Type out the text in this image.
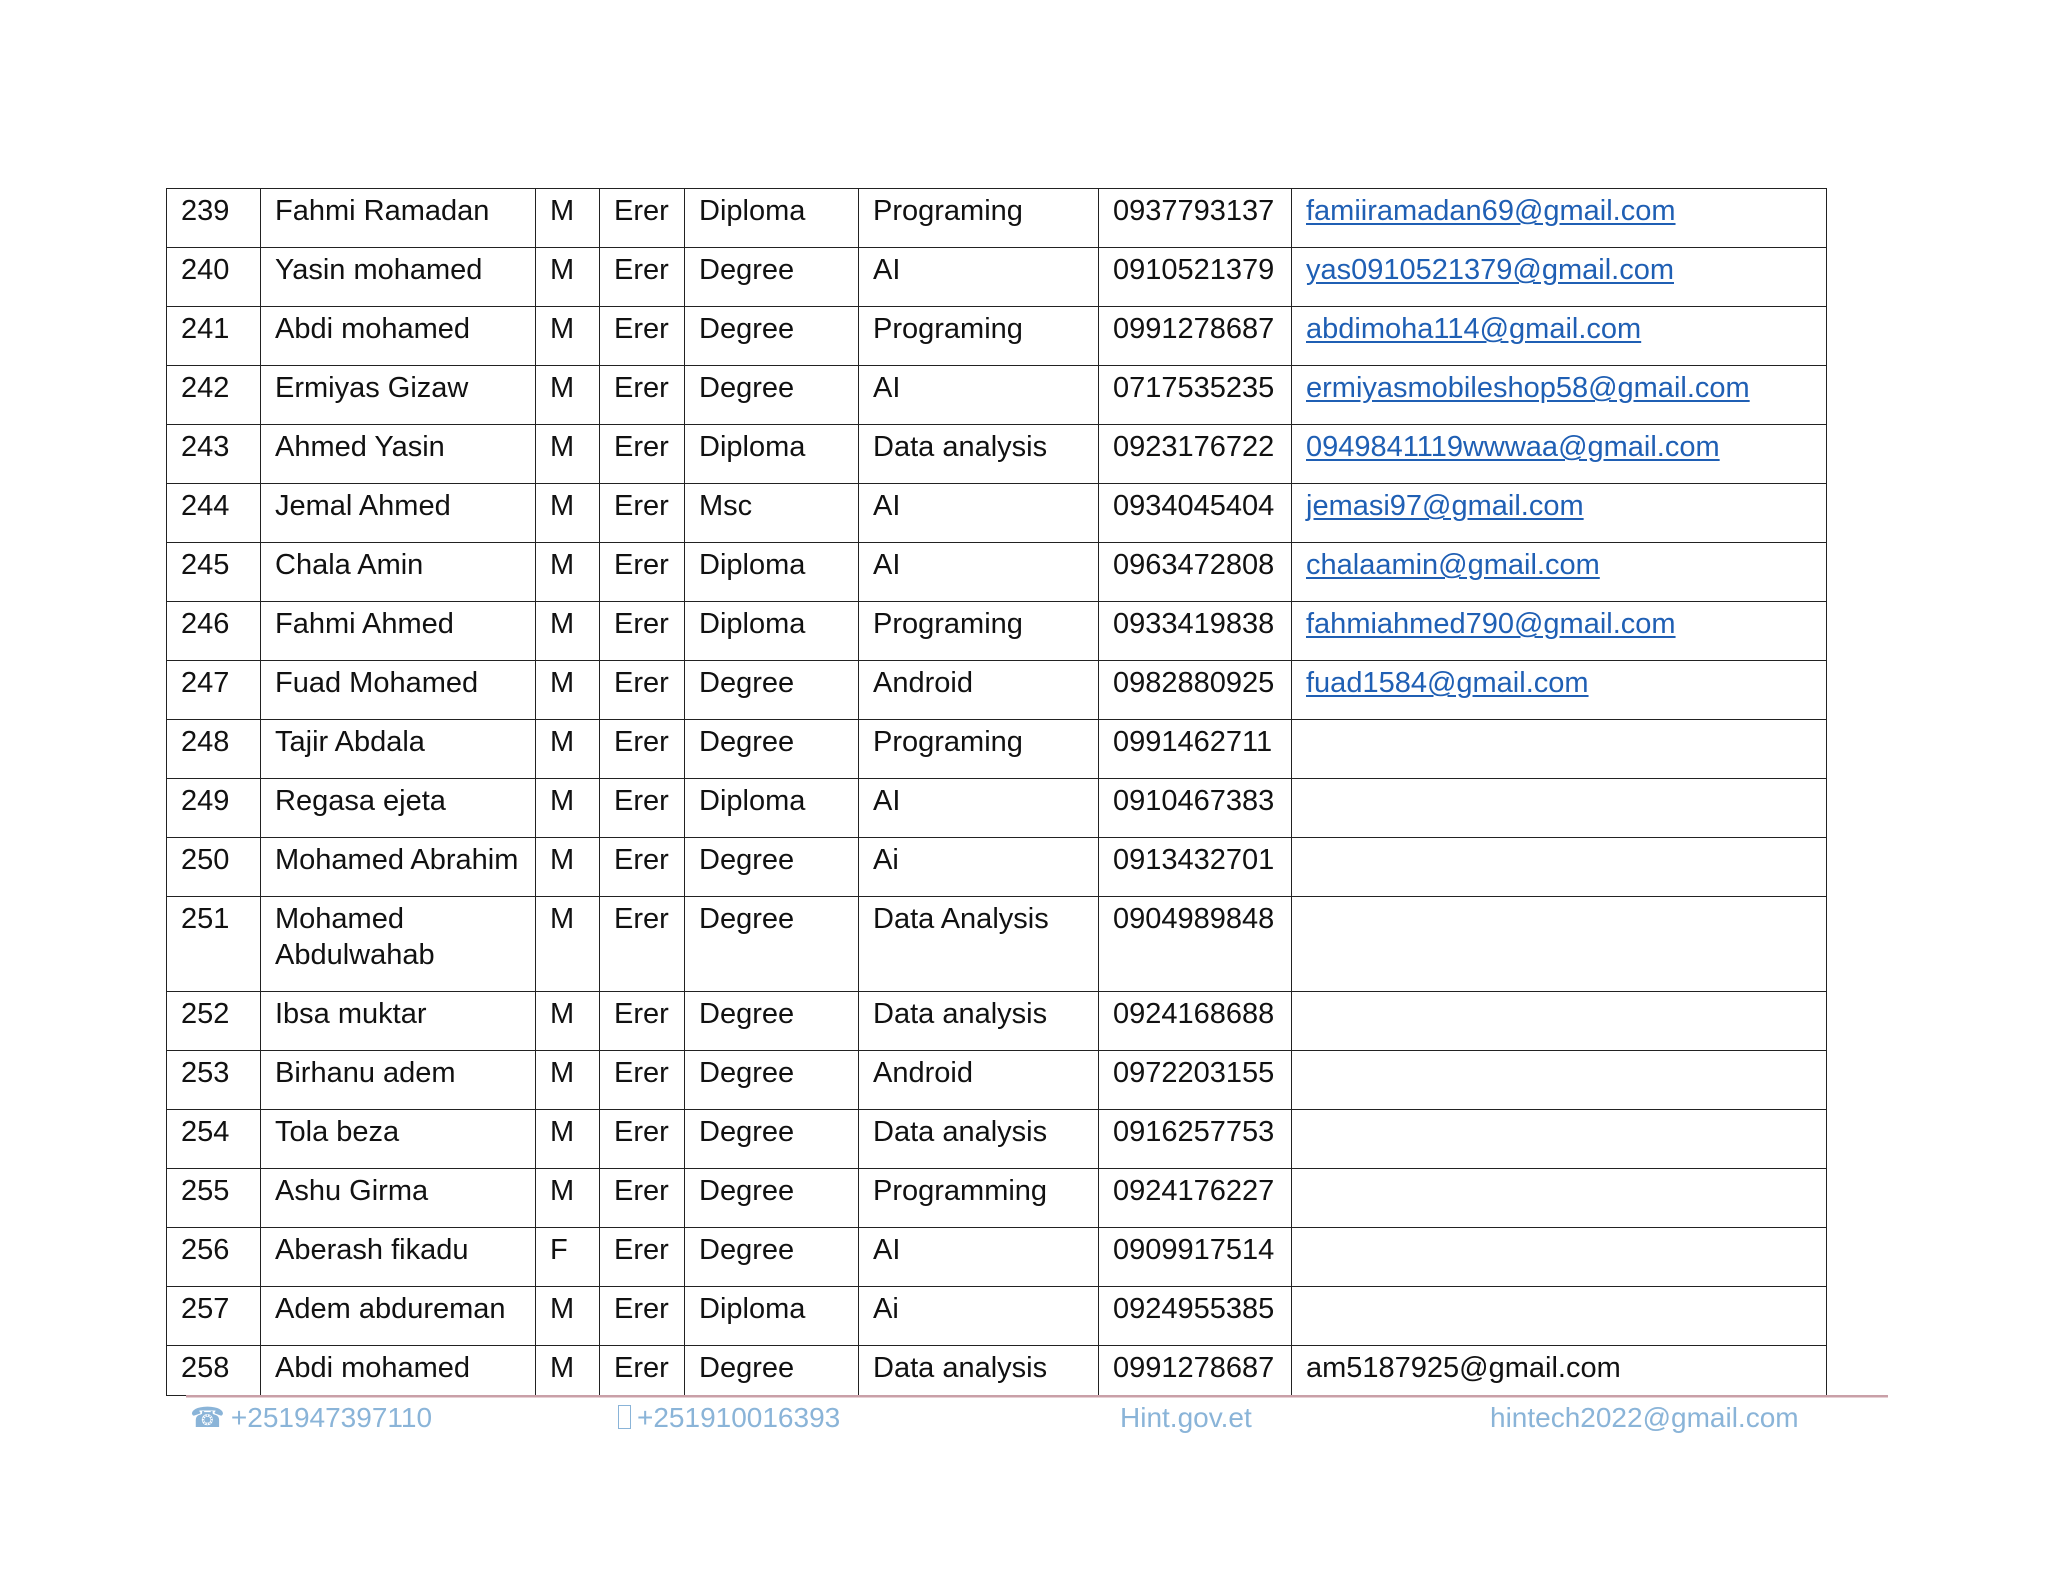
239	Fahmi Ramadan	M	Erer	Diploma	Programing	0937793137	famiiramadan69@gmail.com
240	Yasin mohamed	M	Erer	Degree	AI	0910521379	yas0910521379@gmail.com
241	Abdi mohamed	M	Erer	Degree	Programing	0991278687	abdimoha114@gmail.com
242	Ermiyas Gizaw	M	Erer	Degree	AI	0717535235	ermiyasmobileshop58@gmail.com
243	Ahmed Yasin	M	Erer	Diploma	Data analysis	0923176722	0949841119wwwaa@gmail.com
244	Jemal Ahmed	M	Erer	Msc	AI	0934045404	jemasi97@gmail.com
245	Chala Amin	M	Erer	Diploma	AI	0963472808	chalaamin@gmail.com
246	Fahmi Ahmed	M	Erer	Diploma	Programing	0933419838	fahmiahmed790@gmail.com
247	Fuad Mohamed	M	Erer	Degree	Android	0982880925	fuad1584@gmail.com
248	Tajir Abdala	M	Erer	Degree	Programing	0991462711	
249	Regasa ejeta	M	Erer	Diploma	AI	0910467383	
250	Mohamed Abrahim	M	Erer	Degree	Ai	0913432701	
251	Mohamed Abdulwahab	M	Erer	Degree	Data Analysis	0904989848	
252	Ibsa muktar	M	Erer	Degree	Data analysis	0924168688	
253	Birhanu adem	M	Erer	Degree	Android	0972203155	
254	Tola beza	M	Erer	Degree	Data analysis	0916257753	
255	Ashu Girma	M	Erer	Degree	Programming	0924176227	
256	Aberash fikadu	F	Erer	Degree	AI	0909917514	
257	Adem abdureman	M	Erer	Diploma	Ai	0924955385	
258	Abdi mohamed	M	Erer	Degree	Data analysis	0991278687	am5187925@gmail.com
☎ +251947397110	+251910016393	Hint.gov.et	hintech2022@gmail.com
